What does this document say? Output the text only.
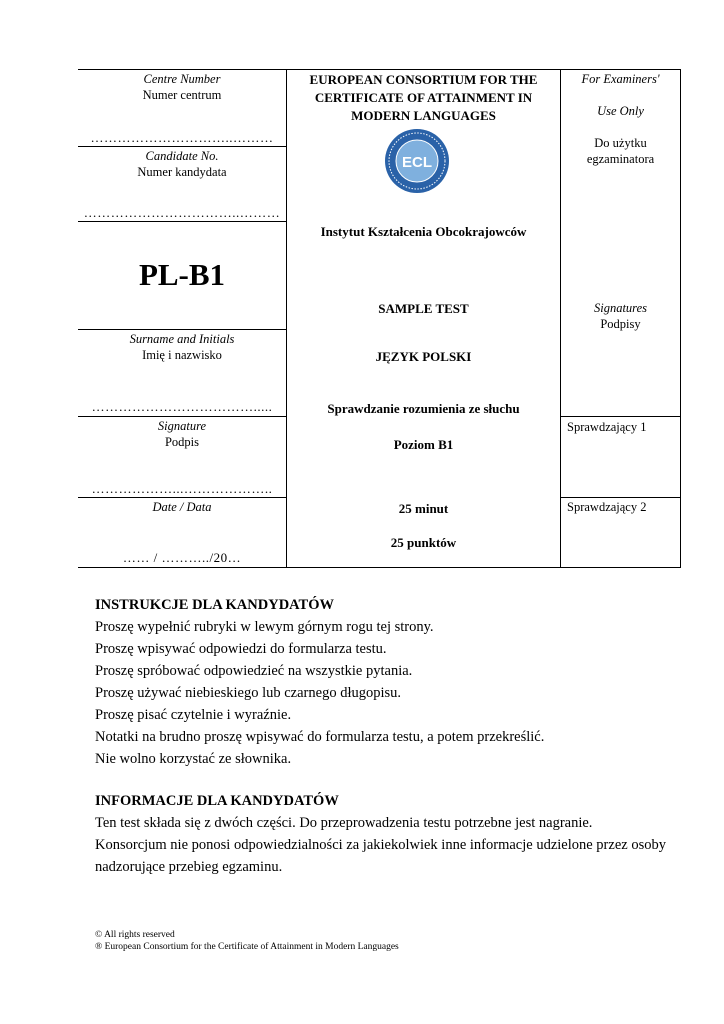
Centre Number
Numer centrum
…………………………..………
Candidate No.
Numer kandydata
……………………………..………
PL-B1
Surname and Initials
Imię i nazwisko
……………………………….....
Signature
Podpis
………………...………………..
Date / Data
…… / ………../20…
EUROPEAN CONSORTIUM FOR THE CERTIFICATE OF ATTAINMENT IN MODERN LANGUAGES
ECL
Instytut Kształcenia Obcokrajowców
SAMPLE TEST
JĘZYK POLSKI
Sprawdzanie rozumienia ze słuchu
Poziom B1
25 minut
25 punktów
For Examiners'
Use Only
Do użytku
egzaminatora
Signatures
Podpisy
Sprawdzający 1
Sprawdzający 2

INSTRUKCJE DLA KANDYDATÓW

Proszę wypełnić rubryki w lewym górnym rogu tej strony.

Proszę wpisywać odpowiedzi do formularza testu.

Proszę spróbować odpowiedzieć na wszystkie pytania.

Proszę używać niebieskiego lub czarnego długopisu.

Proszę pisać czytelnie i wyraźnie.

Notatki na brudno proszę wpisywać do formularza testu, a potem przekreślić.

Nie wolno korzystać ze słownika.

INFORMACJE DLA KANDYDATÓW

Ten test składa się z dwóch części. Do przeprowadzenia testu potrzebne jest nagranie.

Konsorcjum nie ponosi odpowiedzialności za jakiekolwiek inne informacje udzielone przez osoby

nadzorujące przebieg egzaminu.

© All rights reserved
® European Consortium for the Certificate of Attainment in Modern Languages
